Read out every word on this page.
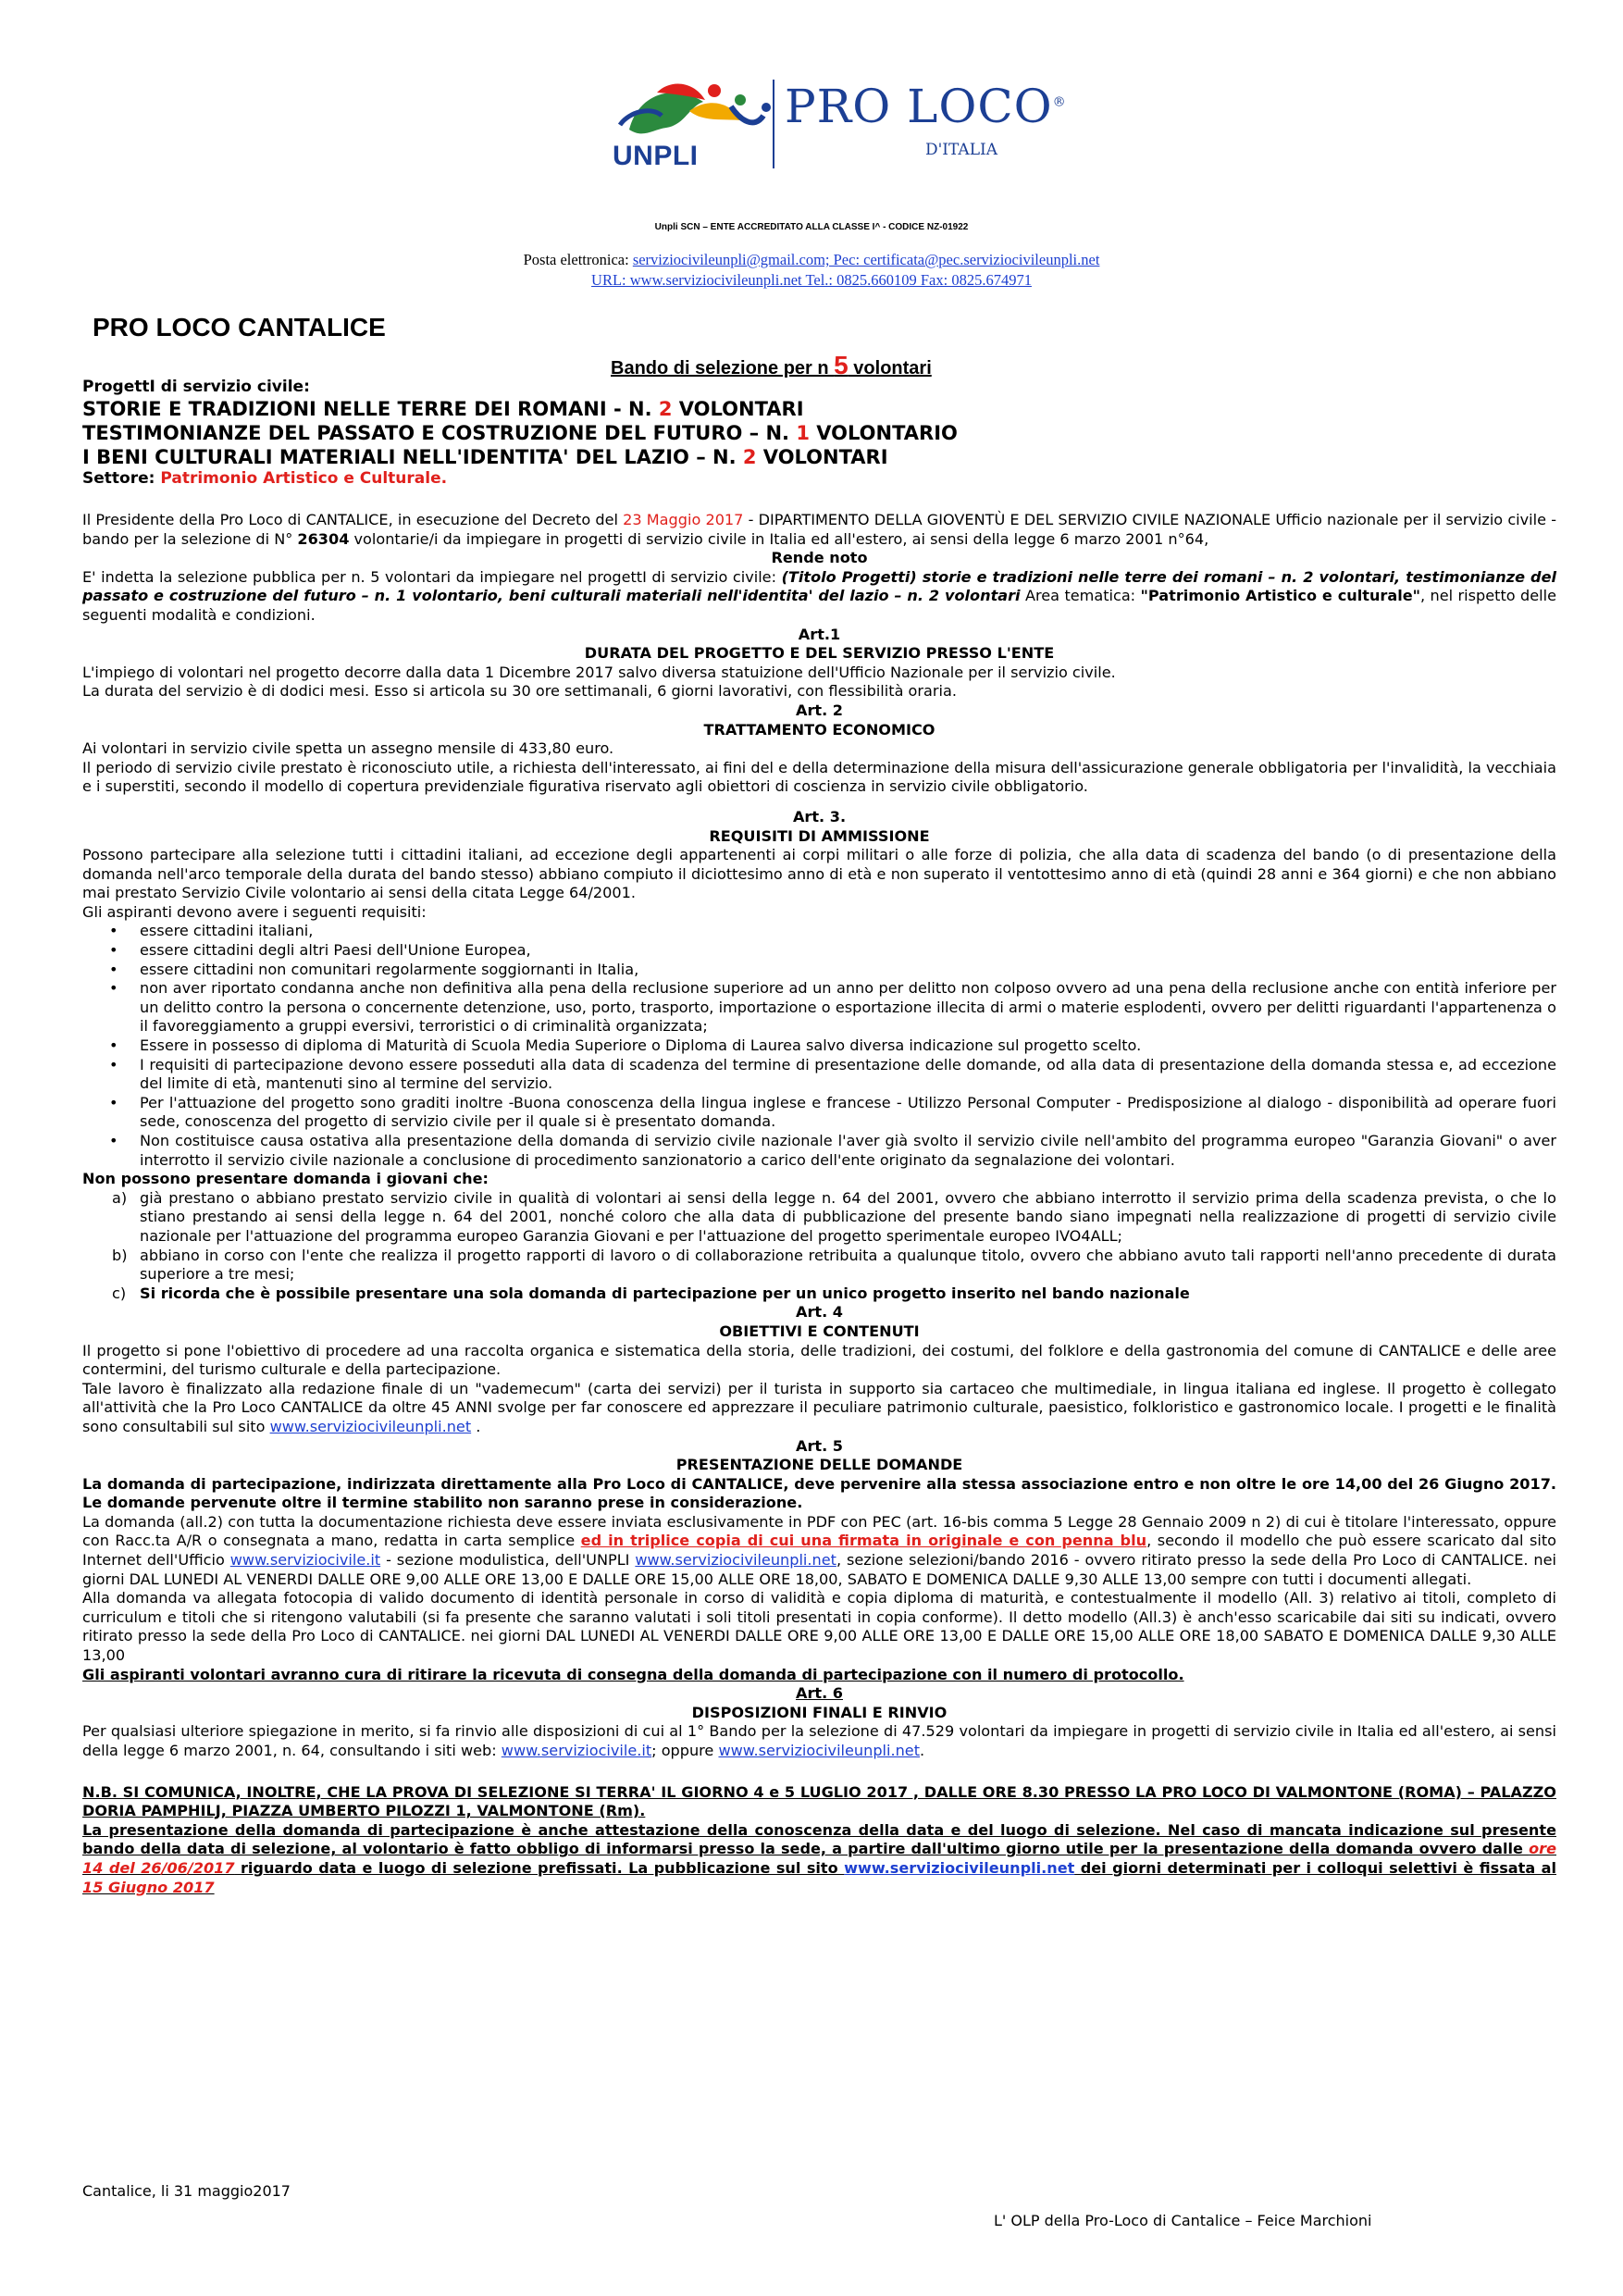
UNPLI
PRO LOCO®
D'ITALIA
Unpli SCN – ENTE ACCREDITATO ALLA CLASSE I^ - CODICE NZ-01922
Posta elettronica: serviziocivileunpli@gmail.com; Pec: certificata@pec.serviziocivileunpli.net
URL: www.serviziocivileunpli.net Tel.: 0825.660109 Fax: 0825.674971
PRO LOCO CANTALICE
Bando di selezione per n 5 volontari

ProgettI di servizio civile:

STORIE E TRADIZIONI NELLE TERRE DEI ROMANI - N. 2 VOLONTARI

TESTIMONIANZE DEL PASSATO E COSTRUZIONE DEL FUTURO – N. 1 VOLONTARIO

I BENI CULTURALI MATERIALI NELL'IDENTITA' DEL LAZIO – N. 2 VOLONTARI

Settore: Patrimonio Artistico e Culturale.

Il Presidente della Pro Loco di CANTALICE, in esecuzione del Decreto del 23 Maggio 2017 - DIPARTIMENTO DELLA GIOVENTÙ E DEL SERVIZIO CIVILE NAZIONALE Ufficio nazionale per il servizio civile - bando per la selezione di N° 26304 volontarie/i da impiegare in progetti di servizio civile in Italia ed all'estero, ai sensi della legge 6 marzo 2001 n°64,

Rende noto

E' indetta la selezione pubblica per n. 5 volontari da impiegare nel progettI di servizio civile: (Titolo Progetti) storie e tradizioni nelle terre dei romani – n. 2 volontari, testimonianze del passato e costruzione del futuro – n. 1 volontario, beni culturali materiali nell'identita' del lazio – n. 2 volontari Area tematica: "Patrimonio Artistico e culturale", nel rispetto delle seguenti modalità e condizioni.

Art.1

DURATA DEL PROGETTO E DEL SERVIZIO PRESSO L'ENTE

L'impiego di volontari nel progetto decorre dalla data 1 Dicembre 2017 salvo diversa statuizione dell'Ufficio Nazionale per il servizio civile.

La durata del servizio è di dodici mesi. Esso si articola su 30 ore settimanali, 6 giorni lavorativi, con flessibilità oraria.

Art. 2

TRATTAMENTO ECONOMICO

Ai volontari in servizio civile spetta un assegno mensile di 433,80 euro.

Il periodo di servizio civile prestato è riconosciuto utile, a richiesta dell'interessato, ai fini del e della determinazione della misura dell'assicurazione generale obbligatoria per l'invalidità, la vecchiaia e i superstiti, secondo il modello di copertura previdenziale figurativa riservato agli obiettori di coscienza in servizio civile obbligatorio.

Art. 3.

REQUISITI DI AMMISSIONE

Possono partecipare alla selezione tutti i cittadini italiani, ad eccezione degli appartenenti ai corpi militari o alle forze di polizia, che alla data di scadenza del bando (o di presentazione della domanda nell'arco temporale della durata del bando stesso) abbiano compiuto il diciottesimo anno di età e non superato il ventottesimo anno di età (quindi 28 anni e 364 giorni) e che non abbiano mai prestato Servizio Civile volontario ai sensi della citata Legge 64/2001.

Gli aspiranti devono avere i seguenti requisiti:

• essere cittadini italiani,
• essere cittadini degli altri Paesi dell'Unione Europea,
• essere cittadini non comunitari regolarmente soggiornanti in Italia,
• non aver riportato condanna anche non definitiva alla pena della reclusione superiore ad un anno per delitto non colposo ovvero ad una pena della reclusione anche con entità inferiore per un delitto contro la persona o concernente detenzione, uso, porto, trasporto, importazione o esportazione illecita di armi o materie esplodenti, ovvero per delitti riguardanti l'appartenenza o il favoreggiamento a gruppi eversivi, terroristici o di criminalità organizzata;
• Essere in possesso di diploma di Maturità di Scuola Media Superiore o Diploma di Laurea salvo diversa indicazione sul progetto scelto.
• I requisiti di partecipazione devono essere posseduti alla data di scadenza del termine di presentazione delle domande, od alla data di presentazione della domanda stessa e, ad eccezione del limite di età, mantenuti sino al termine del servizio.
• Per l'attuazione del progetto sono graditi inoltre -Buona conoscenza della lingua inglese e francese - Utilizzo Personal Computer - Predisposizione al dialogo - disponibilità ad operare fuori sede, conoscenza del progetto di servizio civile per il quale si è presentato domanda.
• Non costituisce causa ostativa alla presentazione della domanda di servizio civile nazionale l'aver già svolto il servizio civile nell'ambito del programma europeo "Garanzia Giovani" o aver interrotto il servizio civile nazionale a conclusione di procedimento sanzionatorio a carico dell'ente originato da segnalazione dei volontari.

Non possono presentare domanda i giovani che:

a) già prestano o abbiano prestato servizio civile in qualità di volontari ai sensi della legge n. 64 del 2001, ovvero che abbiano interrotto il servizio prima della scadenza prevista, o che lo stiano prestando ai sensi della legge n. 64 del 2001, nonché coloro che alla data di pubblicazione del presente bando siano impegnati nella realizzazione di progetti di servizio civile nazionale per l'attuazione del programma europeo Garanzia Giovani e per l'attuazione del progetto sperimentale europeo IVO4ALL;
b) abbiano in corso con l'ente che realizza il progetto rapporti di lavoro o di collaborazione retribuita a qualunque titolo, ovvero che abbiano avuto tali rapporti nell'anno precedente di durata superiore a tre mesi;
c) Si ricorda che è possibile presentare una sola domanda di partecipazione per un unico progetto inserito nel bando nazionale

Art. 4

OBIETTIVI E CONTENUTI

Il progetto si pone l'obiettivo di procedere ad una raccolta organica e sistematica della storia, delle tradizioni, dei costumi, del folklore e della gastronomia del comune di CANTALICE e delle aree contermini, del turismo culturale e della partecipazione.

Tale lavoro è finalizzato alla redazione finale di un "vademecum" (carta dei servizi) per il turista in supporto sia cartaceo che multimediale, in lingua italiana ed inglese. Il progetto è collegato all'attività che la Pro Loco CANTALICE da oltre 45 ANNI svolge per far conoscere ed apprezzare il peculiare patrimonio culturale, paesistico, folkloristico e gastronomico locale. I progetti e le finalità sono consultabili sul sito www.serviziocivileunpli.net .

Art. 5

PRESENTAZIONE DELLE DOMANDE

La domanda di partecipazione, indirizzata direttamente alla Pro Loco di CANTALICE, deve pervenire alla stessa associazione entro e non oltre le ore 14,00 del 26 Giugno 2017. Le domande pervenute oltre il termine stabilito non saranno prese in considerazione.

La domanda (all.2) con tutta la documentazione richiesta deve essere inviata esclusivamente in PDF con PEC (art. 16-bis comma 5 Legge 28 Gennaio 2009 n 2) di cui è titolare l'interessato, oppure con Racc.ta A/R o consegnata a mano, redatta in carta semplice ed in triplice copia di cui una firmata in originale e con penna blu, secondo il modello che può essere scaricato dal sito Internet dell'Ufficio www.serviziocivile.it - sezione modulistica, dell'UNPLI www.serviziocivileunpli.net, sezione selezioni/bando 2016 - ovvero ritirato presso la sede della Pro Loco di CANTALICE. nei giorni DAL LUNEDI AL VENERDI DALLE ORE 9,00 ALLE ORE 13,00 E DALLE ORE 15,00 ALLE ORE 18,00, SABATO E DOMENICA DALLE 9,30 ALLE 13,00 sempre con tutti i documenti allegati.

Alla domanda va allegata fotocopia di valido documento di identità personale in corso di validità e copia diploma di maturità, e contestualmente il modello (All. 3) relativo ai titoli, completo di curriculum e titoli che si ritengono valutabili (si fa presente che saranno valutati i soli titoli presentati in copia conforme). Il detto modello (All.3) è anch'esso scaricabile dai siti su indicati, ovvero ritirato presso la sede della Pro Loco di CANTALICE. nei giorni DAL LUNEDI AL VENERDI DALLE ORE 9,00 ALLE ORE 13,00 E DALLE ORE 15,00 ALLE ORE 18,00 SABATO E DOMENICA DALLE 9,30 ALLE 13,00

Gli aspiranti volontari avranno cura di ritirare la ricevuta di consegna della domanda di partecipazione con il numero di protocollo.

Art. 6

DISPOSIZIONI FINALI E RINVIO

Per qualsiasi ulteriore spiegazione in merito, si fa rinvio alle disposizioni di cui al 1° Bando per la selezione di 47.529 volontari da impiegare in progetti di servizio civile in Italia ed all'estero, ai sensi della legge 6 marzo 2001, n. 64, consultando i siti web: www.serviziocivile.it; oppure www.serviziocivileunpli.net.

N.B. SI COMUNICA, INOLTRE, CHE LA PROVA DI SELEZIONE SI TERRA' IL GIORNO 4 e 5 LUGLIO 2017 , DALLE ORE 8.30 PRESSO LA PRO LOCO DI VALMONTONE (ROMA) – PALAZZO DORIA PAMPHILJ, PIAZZA UMBERTO PILOZZI 1, VALMONTONE (Rm).

La presentazione della domanda di partecipazione è anche attestazione della conoscenza della data e del luogo di selezione. Nel caso di mancata indicazione sul presente bando della data di selezione, al volontario è fatto obbligo di informarsi presso la sede, a partire dall'ultimo giorno utile per la presentazione della domanda ovvero dalle ore 14 del 26/06/2017 riguardo data e luogo di selezione prefissati. La pubblicazione sul sito www.serviziocivileunpli.net dei giorni determinati per i colloqui selettivi è fissata al 15 Giugno 2017

Cantalice, li 31 maggio2017
L' OLP della Pro-Loco di Cantalice – Feice Marchioni
